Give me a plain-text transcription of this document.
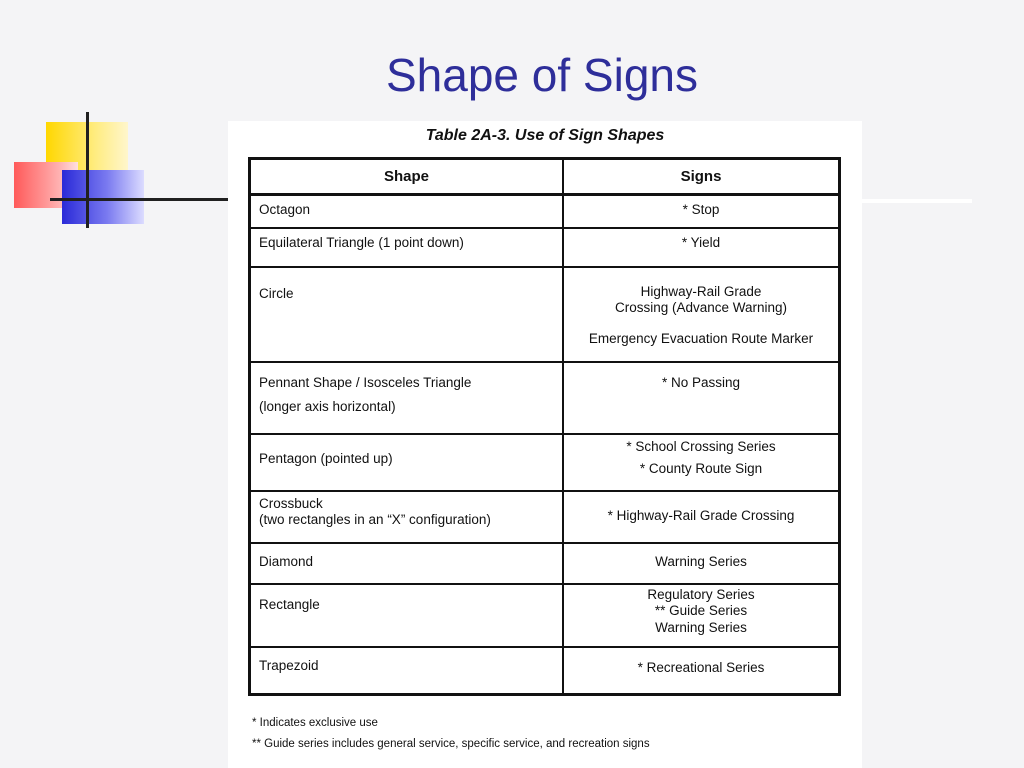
Shape of Signs
Table 2A-3. Use of Sign Shapes
Shape	Signs

Octagon	* Stop

Equilateral Triangle (1 point down)	* Yield

Circle	Highway-Rail Grade
Crossing (Advance Warning)
Emergency Evacuation Route Marker

Pennant Shape / Isosceles Triangle
(longer axis horizontal)	* No Passing

Pentagon (pointed up)	* School Crossing Series
* County Route Sign

Crossbuck
(two rectangles in an “X” configuration)	* Highway-Rail Grade Crossing

Diamond	Warning Series

Rectangle	Regulatory Series
** Guide Series
Warning Series

Trapezoid	* Recreational Series
* Indicates exclusive use
** Guide series includes general service, specific service, and recreation signs
